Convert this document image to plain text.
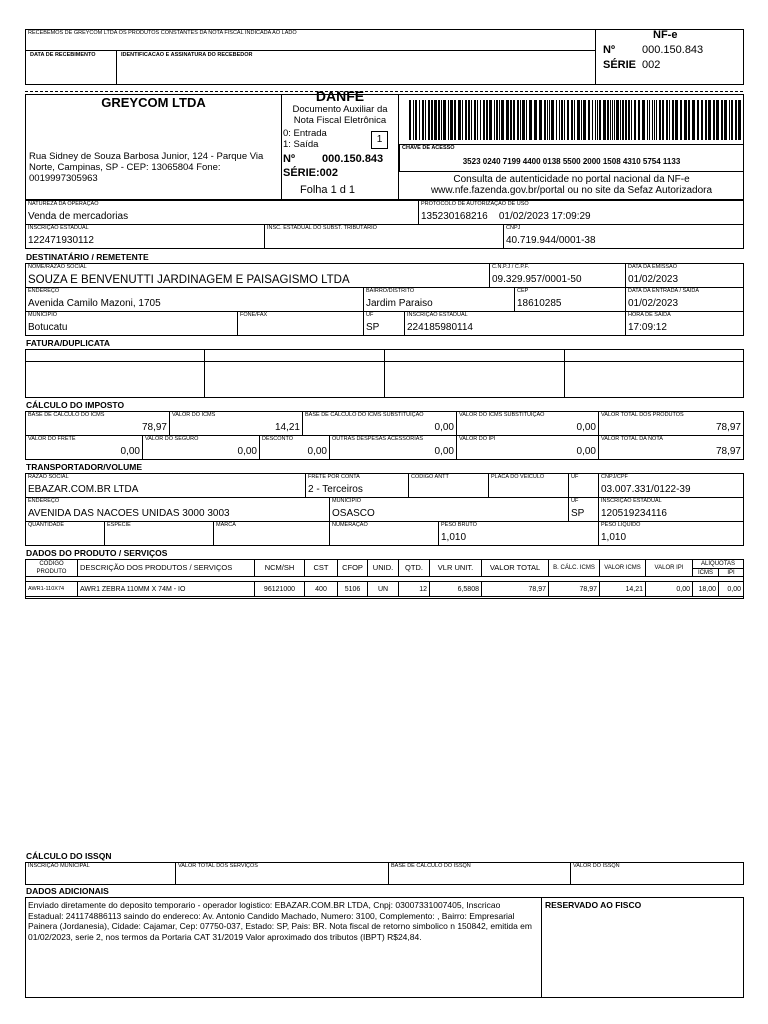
RECEBEMOS DE GREYCOM LTDA OS PRODUTOS CONSTANTES DA NOTA FISCAL INDICADA AO LADO
DATA DE RECEBIMENTO	IDENTIFICACAO E ASSINATURA DO RECEBEDOR
NF-e
Nº 000.150.843
SÉRIE 002
GREYCOM LTDA
Rua Sidney de Souza Barbosa Junior, 124 - Parque Via Norte, Campinas, SP - CEP: 13065804 Fone: 0019997305963
DANFE
Documento Auxiliar da
Nota Fiscal Eletrônica
0: Entrada
1: Saída	1
Nº 000.150.843
SÉRIE:002
Folha 1 d 1
CHAVE DE ACESSO
3523 0240 7199 4400 0138 5500 2000 1508 4310 5754 1133
Consulta de autenticidade no portal nacional da NF-e
www.nfe.fazenda.gov.br/portal ou no site da Sefaz Autorizadora
NATUREZA DA OPERAÇÃO
Venda de mercadorias
PROTOCOLO DE AUTORIZAÇÃO DE USO
135230168216    01/02/2023 17:09:29
INSCRIÇÃO ESTADUAL
122471930112
INSC. ESTADUAL DO SUBST. TRIBUTÁRIO	CNPJ
40.719.944/0001-38
DESTINATÁRIO / REMETENTE
NOME/RAZÃO SOCIAL
SOUZA E BENVENUTTI JARDINAGEM E PAISAGISMO LTDA
C.N.P.J / C.P.F.
09.329.957/0001-50
DATA DA EMISSÃO
01/02/2023
ENDEREÇO
Avenida Camilo Mazoni, 1705
BAIRRO/DISTRITO
Jardim Paraiso
CEP
18610285
DATA DA ENTRADA / SAIDA
01/02/2023
MUNICÍPIO
Botucatu
FONE/FAX	UF
SP
INSCRIÇÃO ESTADUAL
224185980114
HORA DE SAÍDA
17:09:12
FATURA/DUPLICATA
CÁLCULO DO IMPOSTO
BASE DE CÁLCULO DO ICMS
78,97
VALOR DO ICMS
14,21
BASE DE CÁLCULO DO ICMS SUBSTITUIÇÃO
0,00
VALOR DO ICMS SUBSTITUIÇÃO
0,00
VALOR TOTAL DOS PRODUTOS
78,97
VALOR DO FRETE
0,00
VALOR DO SEGURO
0,00
DESCONTO
0,00
OUTRAS DESPESAS ACESSÓRIAS
0,00
VALOR DO IPI
0,00
VALOR TOTAL DA NOTA
78,97
TRANSPORTADOR/VOLUME
RAZÃO SOCIAL
EBAZAR.COM.BR LTDA
FRETE POR CONTA
2 - Terceiros
CODIGO ANTT	PLACA DO VEÍCULO	UF	CNPJ/CPF
03.007.331/0122-39
ENDEREÇO
AVENIDA DAS NACOES UNIDAS 3000 3003
MUNICÍPIO
OSASCO
UF
SP
INSCRIÇÃO ESTADUAL
120519234116
QUANTIDADE	ESPÉCIE	MARCA	NUMERAÇÃO	PESO BRUTO
1,010
PESO LÍQUIDO
1,010
DADOS DO PRODUTO / SERVIÇOS
CÓDIGO PRODUTO	DESCRIÇÃO DOS PRODUTOS / SERVIÇOS	NCM/SH	CST	CFOP	UNID.	QTD.	VLR UNIT.	VALOR TOTAL	B. CÁLC. ICMS	VALOR ICMS	VALOR IPI
ALÍQUOTAS
ICMS	IPI
AWR1-110X74	AWR1 ZEBRA 110MM X 74M - IO	96121000	400	5106	UN	12	6,5808	78,97	78,97	14,21	0,00	18,00	0,00
CÁLCULO DO ISSQN
INSCRIÇÃO MUNICIPAL	VALOR TOTAL DOS SERVIÇOS	BASE DE CÁLCULO DO ISSQN	VALOR DO ISSQN
DADOS ADICIONAIS
Enviado diretamente do deposito temporario - operador logistico: EBAZAR.COM.BR LTDA, Cnpj: 03007331007405, Inscricao Estadual: 241174886113 saindo do endereco: Av. Antonio Candido Machado, Numero: 3100, Complemento: , Bairro: Empresarial Painera (Jordanesia), Cidade: Cajamar, Cep: 07750-037, Estado: SP, Pais: BR. Nota fiscal de retorno simbolico n 150842, emitida em 01/02/2023, serie 2, nos termos da Portaria CAT 31/2019 Valor aproximado dos tributos (IBPT) R$24,84.
RESERVADO AO FISCO
